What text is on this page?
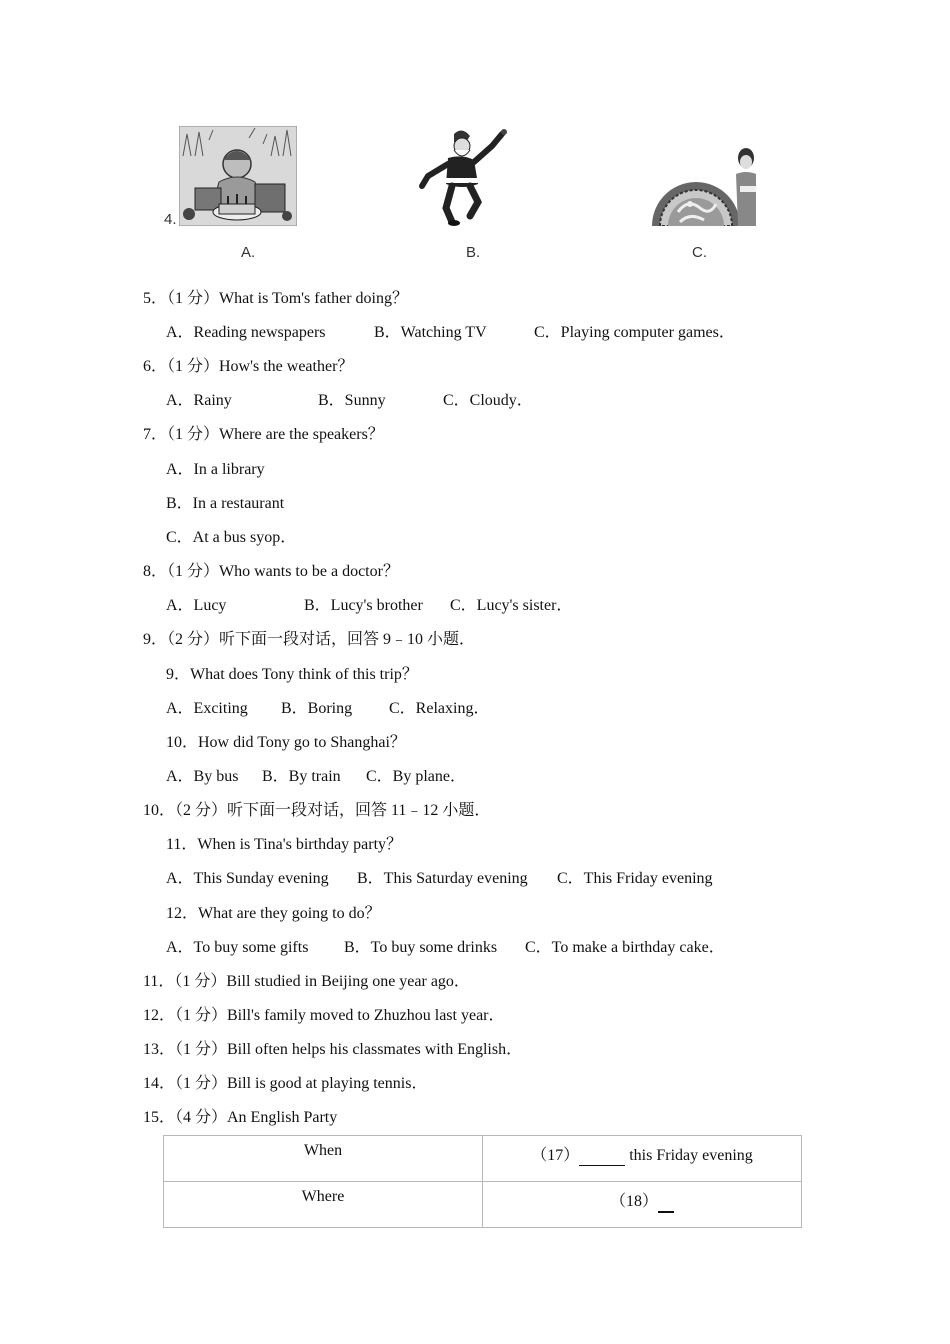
4.
A.	B.	C.
5．（1 分）What is Tom's father doing？
A．Reading newspapers	B．Watching TV	C．Playing computer games．
6．（1 分）How's the weather？
A．Rainy	B．Sunny	C．Cloudy．
7．（1 分）Where are the speakers？
A．In a library
B．In a restaurant
C．At a bus syop．
8．（1 分）Who wants to be a doctor？
A．Lucy	B．Lucy's brother C．Lucy's sister．
9．（2 分）听下面一段对话，回答 9﹣10 小题．
9．What does Tony think of this trip？
A．Exciting B．Boring C．Relaxing．
10．How did Tony go to Shanghai？
A．By bus B．By train C．By plane．
10．（2 分）听下面一段对话，回答 11﹣12 小题．
11．When is Tina's birthday party？
A．This Sunday evening B．This Saturday evening C．This Friday evening
12．What are they going to do？
A．To buy some gifts B．To buy some drinks C．To make a birthday cake．
11．（1 分）Bill studied in Beijing one year ago．
12．（1 分）Bill's family moved to Zhuzhou last year．
13．（1 分）Bill often helps his classmates with English．
14．（1 分）Bill is good at playing tennis．
15．（4 分）An English Party
When	（17） this Friday evening
Where	（18）
